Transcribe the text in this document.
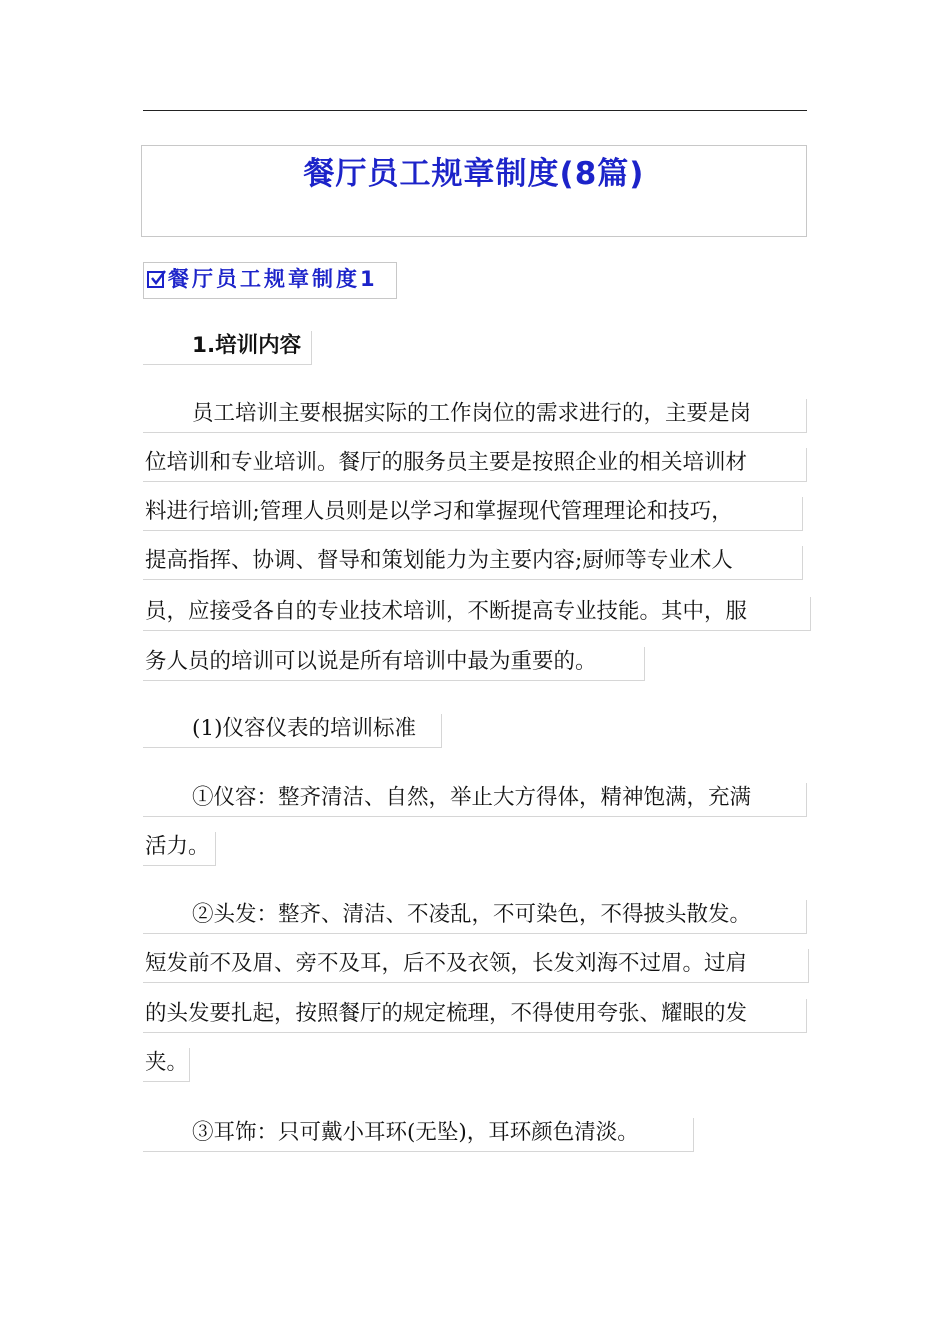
餐厅员工规章制度(8篇)
餐厅员工规章制度1
1.培训内容
员工培训主要根据实际的工作岗位的需求进行的，主要是岗
位培训和专业培训。餐厅的服务员主要是按照企业的相关培训材
料进行培训;管理人员则是以学习和掌握现代管理理论和技巧，
提高指挥、协调、督导和策划能力为主要内容;厨师等专业术人
员，应接受各自的专业技术培训，不断提高专业技能。其中，服
务人员的培训可以说是所有培训中最为重要的。
(1)仪容仪表的培训标准
①仪容：整齐清洁、自然，举止大方得体，精神饱满，充满
活力。
②头发：整齐、清洁、不凌乱，不可染色，不得披头散发。
短发前不及眉、旁不及耳，后不及衣领，长发刘海不过眉。过肩
的头发要扎起，按照餐厅的规定梳理，不得使用夸张、耀眼的发
夹。
③耳饰：只可戴小耳环(无坠)，耳环颜色清淡。
